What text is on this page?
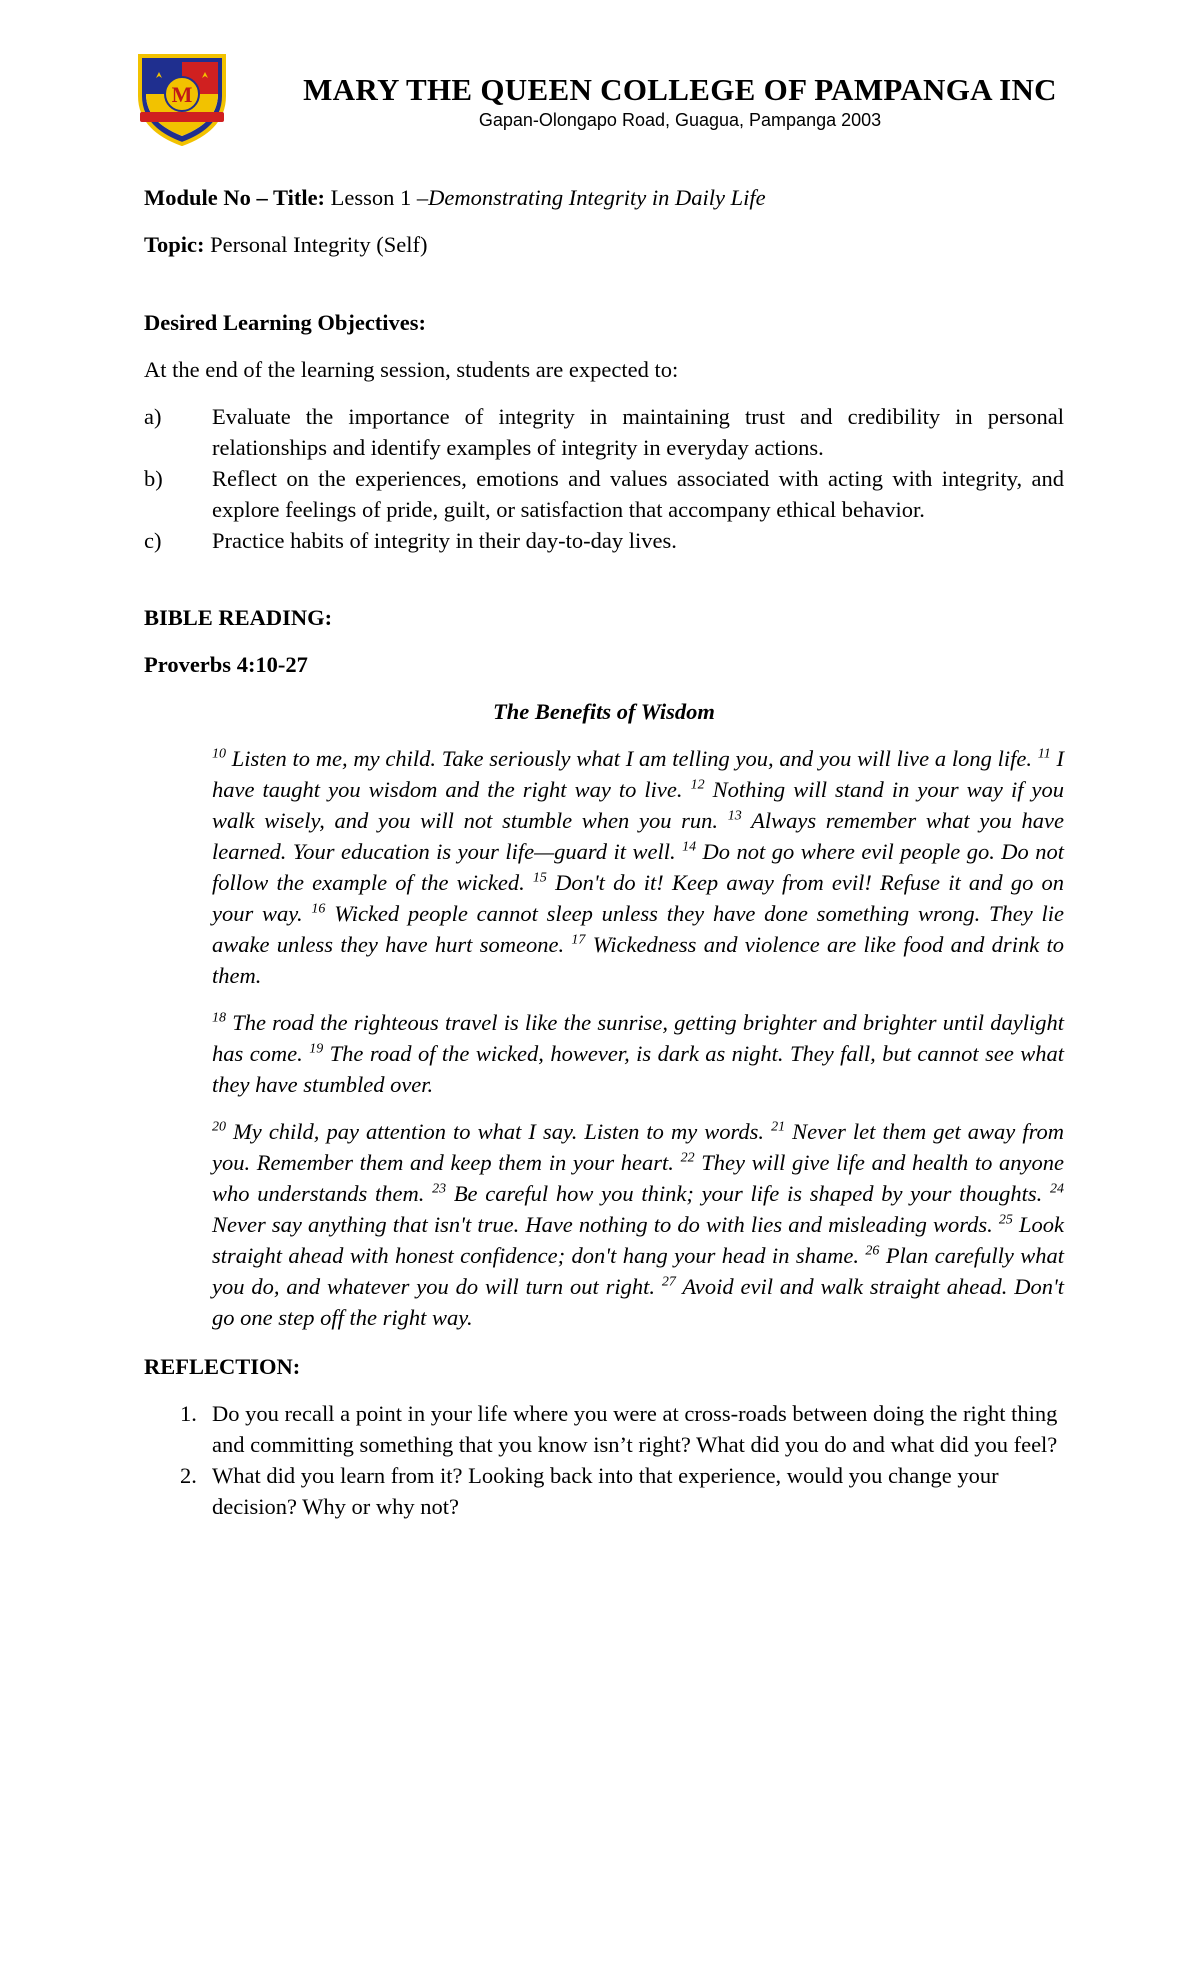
M	MARY THE QUEEN COLLEGE OF PAMPANGA INC
Gapan-Olongapo Road, Guagua, Pampanga 2003

Module No – Title: Lesson 1 –Demonstrating Integrity in Daily Life

Topic: Personal Integrity (Self)

Desired Learning Objectives:

At the end of the learning session, students are expected to:

a)	Evaluate the importance of integrity in maintaining trust and credibility in personal relationships and identify examples of integrity in everyday actions.
b)	Reflect on the experiences, emotions and values associated with acting with integrity, and explore feelings of pride, guilt, or satisfaction that accompany ethical behavior.
c)	Practice habits of integrity in their day-to-day lives.

BIBLE READING:

Proverbs 4:10-27

The Benefits of Wisdom

$^{10}$ Listen to me, my child. Take seriously what I am telling you, and you will live a long life. $^{11}$ I have taught you wisdom and the right way to live. $^{12}$ Nothing will stand in your way if you walk wisely, and you will not stumble when you run. $^{13}$ Always remember what you have learned. Your education is your life—guard it well. $^{14}$ Do not go where evil people go. Do not follow the example of the wicked. $^{15}$ Don't do it! Keep away from evil! Refuse it and go on your way. $^{16}$ Wicked people cannot sleep unless they have done something wrong. They lie awake unless they have hurt someone. $^{17}$ Wickedness and violence are like food and drink to them.

$^{18}$ The road the righteous travel is like the sunrise, getting brighter and brighter until daylight has come. $^{19}$ The road of the wicked, however, is dark as night. They fall, but cannot see what they have stumbled over.

$^{20}$ My child, pay attention to what I say. Listen to my words. $^{21}$ Never let them get away from you. Remember them and keep them in your heart. $^{22}$ They will give life and health to anyone who understands them. $^{23}$ Be careful how you think; your life is shaped by your thoughts. $^{24}$ Never say anything that isn't true. Have nothing to do with lies and misleading words. $^{25}$ Look straight ahead with honest confidence; don't hang your head in shame. $^{26}$ Plan carefully what you do, and whatever you do will turn out right. $^{27}$ Avoid evil and walk straight ahead. Don't go one step off the right way.

REFLECTION:

1. Do you recall a point in your life where you were at cross-roads between doing the right thing and committing something that you know isn’t right? What did you do and what did you feel?
2. What did you learn from it? Looking back into that experience, would you change your decision? Why or why not?
